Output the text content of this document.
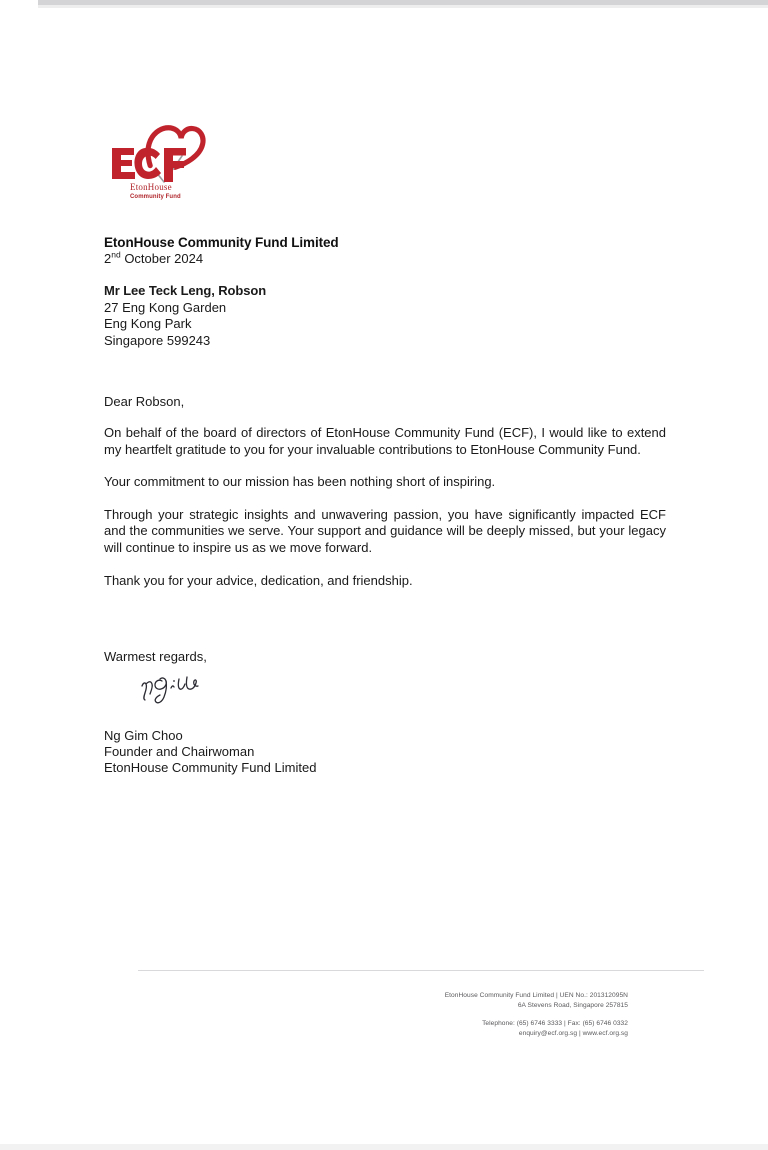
EtonHouse
Community Fund
EtonHouse Community Fund Limited
2nd October 2024
Mr Lee Teck Leng, Robson
27 Eng Kong Garden
Eng Kong Park
Singapore 599243
Dear Robson,

On behalf of the board of directors of EtonHouse Community Fund (ECF), I would like to extend my heartfelt gratitude to you for your invaluable contributions to EtonHouse Community Fund.

Your commitment to our mission has been nothing short of inspiring.

Through your strategic insights and unwavering passion, you have significantly impacted ECF and the communities we serve. Your support and guidance will be deeply missed, but your legacy will continue to inspire us as we move forward.

Thank you for your advice, dedication, and friendship.

Warmest regards,
Ng Gim Choo
Founder and Chairwoman
EtonHouse Community Fund Limited
EtonHouse Community Fund Limited | UEN No.: 201312095N
6A Stevens Road, Singapore 257815
Telephone: (65) 6746 3333 | Fax: (65) 6746 0332
enquiry@ecf.org.sg | www.ecf.org.sg
